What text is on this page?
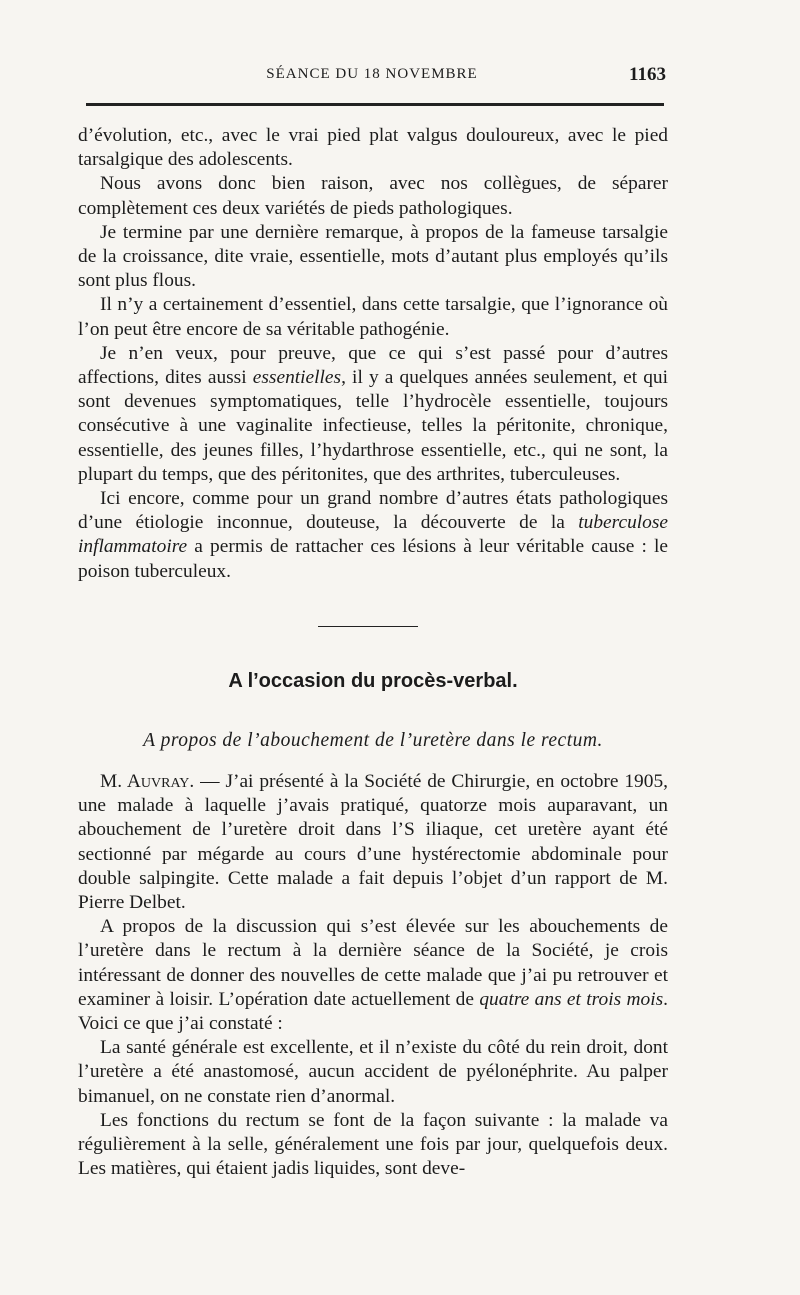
SÉANCE DU 18 NOVEMBRE	1163

d’évolution, etc., avec le vrai pied plat valgus douloureux, avec le pied tarsalgique des adolescents.

Nous avons donc bien raison, avec nos collègues, de séparer complètement ces deux variétés de pieds pathologiques.

Je termine par une dernière remarque, à propos de la fameuse tarsalgie de la croissance, dite vraie, essentielle, mots d’autant plus employés qu’ils sont plus flous.

Il n’y a certainement d’essentiel, dans cette tarsalgie, que l’ignorance où l’on peut être encore de sa véritable pathogénie.

Je n’en veux, pour preuve, que ce qui s’est passé pour d’autres affections, dites aussi essentielles, il y a quelques années seulement, et qui sont devenues symptomatiques, telle l’hydrocèle essentielle, toujours consécutive à une vaginalite infectieuse, telles la péritonite, chronique, essentielle, des jeunes filles, l’hydarthrose essentielle, etc., qui ne sont, la plupart du temps, que des péritonites, que des arthrites, tuberculeuses.

Ici encore, comme pour un grand nombre d’autres états pathologiques d’une étiologie inconnue, douteuse, la découverte de la tuberculose inflammatoire a permis de rattacher ces lésions à leur véritable cause : le poison tuberculeux.

A l’occasion du procès-verbal.
A propos de l’abouchement de l’uretère dans le rectum.

M. Auvray. — J’ai présenté à la Société de Chirurgie, en octobre 1905, une malade à laquelle j’avais pratiqué, quatorze mois auparavant, un abouchement de l’uretère droit dans l’S iliaque, cet uretère ayant été sectionné par mégarde au cours d’une hystérectomie abdominale pour double salpingite. Cette malade a fait depuis l’objet d’un rapport de M. Pierre Delbet.

A propos de la discussion qui s’est élevée sur les abouchements de l’uretère dans le rectum à la dernière séance de la Société, je crois intéressant de donner des nouvelles de cette malade que j’ai pu retrouver et examiner à loisir. L’opération date actuellement de quatre ans et trois mois. Voici ce que j’ai constaté :

La santé générale est excellente, et il n’existe du côté du rein droit, dont l’uretère a été anastomosé, aucun accident de pyélonéphrite. Au palper bimanuel, on ne constate rien d’anormal.

Les fonctions du rectum se font de la façon suivante : la malade va régulièrement à la selle, généralement une fois par jour, quelquefois deux. Les matières, qui étaient jadis liquides, sont deve-
